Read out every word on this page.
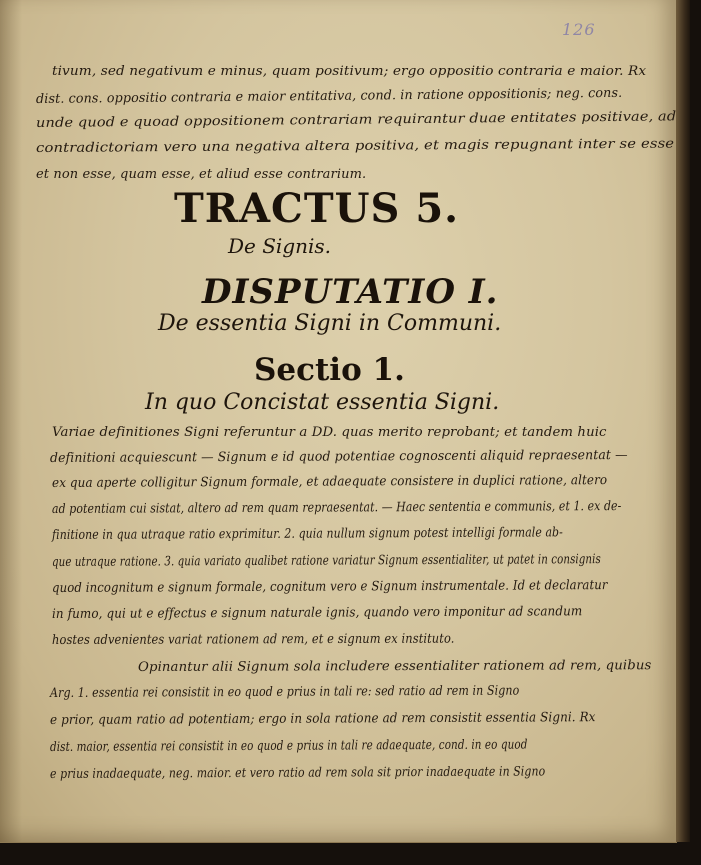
126
tivum, sed negativum e minus, quam positivum; ergo oppositio contraria e maior. Rx
dist. cons. oppositio contraria e maior entitativa, cond. in ratione oppositionis; neg. cons.
unde quod e quoad oppositionem contrariam requirantur duae entitates positivae, ad
contradictoriam vero una negativa altera positiva, et magis repugnant inter se esse
et non esse, quam esse, et aliud esse contrarium.
TRACTUS 5.
De Signis.
DISPUTATIO I.
De essentia Signi in Communi.
Sectio 1.
In quo Concistat essentia Signi.
Variae definitiones Signi referuntur a DD. quas merito reprobant; et tandem huic
definitioni acquiescunt — Signum e id quod potentiae cognoscenti aliquid repraesentat —
ex qua aperte colligitur Signum formale, et adaequate consistere in duplici ratione, altero
ad potentiam cui sistat, altero ad rem quam repraesentat. — Haec sententia e communis, et 1. ex de-
finitione in qua utraque ratio exprimitur. 2. quia nullum signum potest intelligi formale ab-
que utraque ratione. 3. quia variato qualibet ratione variatur Signum essentialiter, ut patet in consignis
quod incognitum e signum formale, cognitum vero e Signum instrumentale. Id et declaratur
in fumo, qui ut e effectus e signum naturale ignis, quando vero imponitur ad scandum
hostes advenientes variat rationem ad rem, et e signum ex instituto.
Opinantur alii Signum sola includere essentialiter rationem ad rem, quibus
Arg. 1. essentia rei consistit in eo quod e prius in tali re: sed ratio ad rem in Signo
e prior, quam ratio ad potentiam; ergo in sola ratione ad rem consistit essentia Signi. Rx
dist. maior, essentia rei consistit in eo quod e prius in tali re adaequate, cond. in eo quod
e prius inadaequate, neg. maior. et vero ratio ad rem sola sit prior inadaequate in Signo
